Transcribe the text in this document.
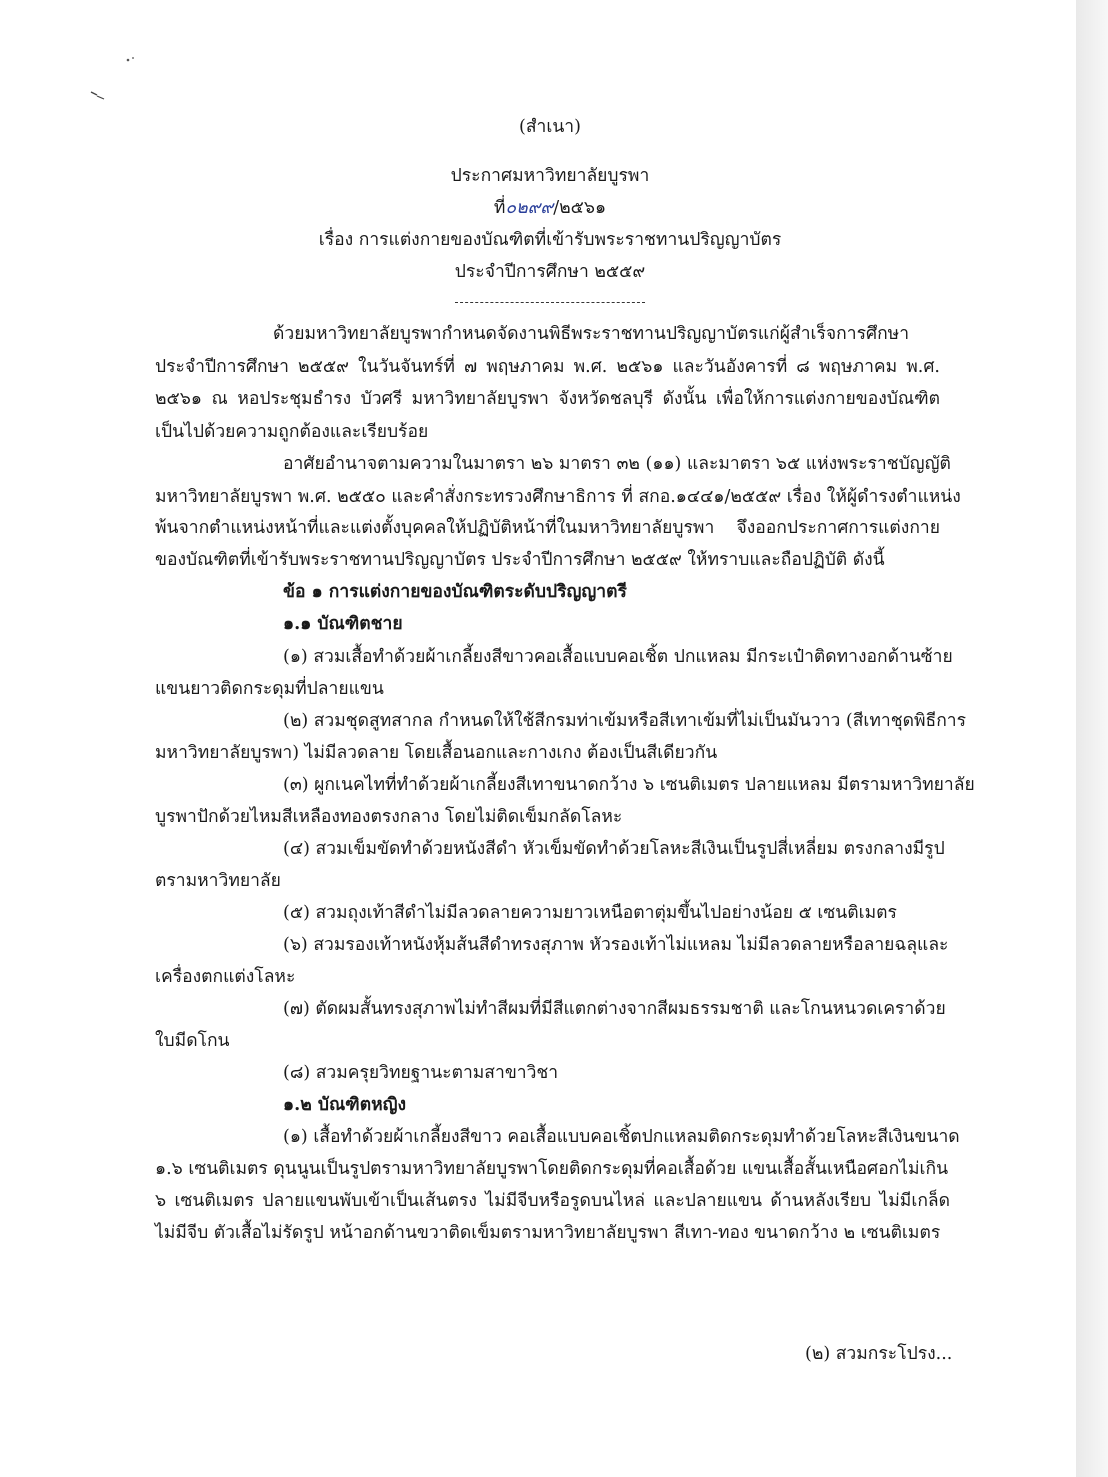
(สำเนา)
ประกาศมหาวิทยาลัยบูรพา
ที่๐๒๙๙/๒๕๖๑
เรื่อง การแต่งกายของบัณฑิตที่เข้ารับพระราชทานปริญญาบัตร
ประจำปีการศึกษา ๒๕๕๙
ด้วยมหาวิทยาลัยบูรพากำหนดจัดงานพิธีพระราชทานปริญญาบัตรแก่ผู้สำเร็จการศึกษา
ประจำปีการศึกษา ๒๕๕๙ ในวันจันทร์ที่ ๗ พฤษภาคม พ.ศ. ๒๕๖๑ และวันอังคารที่ ๘ พฤษภาคม พ.ศ.
๒๕๖๑ ณ หอประชุมธำรง บัวศรี มหาวิทยาลัยบูรพา จังหวัดชลบุรี ดังนั้น เพื่อให้การแต่งกายของบัณฑิต
เป็นไปด้วยความถูกต้องและเรียบร้อย
อาศัยอำนาจตามความในมาตรา ๒๖ มาตรา ๓๒ (๑๑) และมาตรา ๖๕ แห่งพระราชบัญญัติ
มหาวิทยาลัยบูรพา พ.ศ. ๒๕๕๐ และคำสั่งกระทรวงศึกษาธิการ ที่ สกอ.๑๔๔๑/๒๕๕๙ เรื่อง ให้ผู้ดำรงตำแหน่ง
พ้นจากตำแหน่งหน้าที่และแต่งตั้งบุคคลให้ปฏิบัติหน้าที่ในมหาวิทยาลัยบูรพา จึงออกประกาศการแต่งกาย
ของบัณฑิตที่เข้ารับพระราชทานปริญญาบัตร ประจำปีการศึกษา ๒๕๕๙ ให้ทราบและถือปฏิบัติ ดังนี้
ข้อ ๑ การแต่งกายของบัณฑิตระดับปริญญาตรี
๑.๑ บัณฑิตชาย
(๑) สวมเสื้อทำด้วยผ้าเกลี้ยงสีขาวคอเสื้อแบบคอเชิ้ต ปกแหลม มีกระเป๋าติดทางอกด้านซ้าย
แขนยาวติดกระดุมที่ปลายแขน
(๒) สวมชุดสูทสากล กำหนดให้ใช้สีกรมท่าเข้มหรือสีเทาเข้มที่ไม่เป็นมันวาว (สีเทาชุดพิธีการ
มหาวิทยาลัยบูรพา) ไม่มีลวดลาย โดยเสื้อนอกและกางเกง ต้องเป็นสีเดียวกัน
(๓) ผูกเนคไทที่ทำด้วยผ้าเกลี้ยงสีเทาขนาดกว้าง ๖ เซนติเมตร ปลายแหลม มีตรามหาวิทยาลัย
บูรพาปักด้วยไหมสีเหลืองทองตรงกลาง โดยไม่ติดเข็มกลัดโลหะ
(๔) สวมเข็มขัดทำด้วยหนังสีดำ หัวเข็มขัดทำด้วยโลหะสีเงินเป็นรูปสี่เหลี่ยม ตรงกลางมีรูป
ตรามหาวิทยาลัย
(๕) สวมถุงเท้าสีดำไม่มีลวดลายความยาวเหนือตาตุ่มขึ้นไปอย่างน้อย ๕ เซนติเมตร
(๖) สวมรองเท้าหนังหุ้มส้นสีดำทรงสุภาพ หัวรองเท้าไม่แหลม ไม่มีลวดลายหรือลายฉลุและ
เครื่องตกแต่งโลหะ
(๗) ตัดผมสั้นทรงสุภาพไม่ทำสีผมที่มีสีแตกต่างจากสีผมธรรมชาติ และโกนหนวดเคราด้วย
ใบมีดโกน
(๘) สวมครุยวิทยฐานะตามสาขาวิชา
๑.๒ บัณฑิตหญิง
(๑) เสื้อทำด้วยผ้าเกลี้ยงสีขาว คอเสื้อแบบคอเชิ้ตปกแหลมติดกระดุมทำด้วยโลหะสีเงินขนาด
๑.๖ เซนติเมตร ดุนนูนเป็นรูปตรามหาวิทยาลัยบูรพาโดยติดกระดุมที่คอเสื้อด้วย แขนเสื้อสั้นเหนือศอกไม่เกิน
๖ เซนติเมตร ปลายแขนพับเข้าเป็นเส้นตรง ไม่มีจีบหรือรูดบนไหล่ และปลายแขน ด้านหลังเรียบ ไม่มีเกล็ด
ไม่มีจีบ ตัวเสื้อไม่รัดรูป หน้าอกด้านขวาติดเข็มตรามหาวิทยาลัยบูรพา สีเทา-ทอง ขนาดกว้าง ๒ เซนติเมตร
(๒) สวมกระโปรง...
